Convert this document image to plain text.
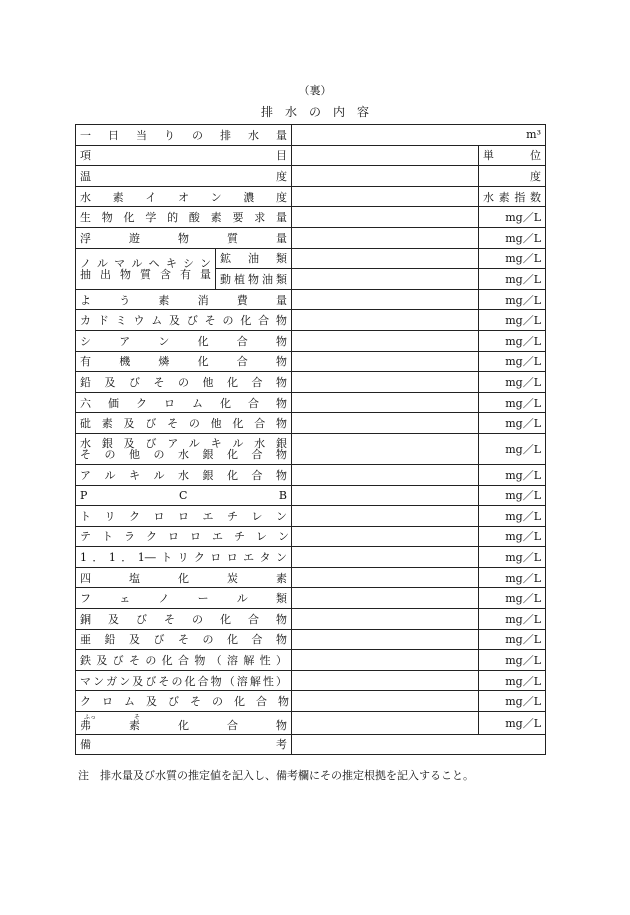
（裏）
排　水　の　内　容
一　日　当　り　の　排　水　量		m³	
項　　　　　　　　　　　目			単　位
温　　　　　　　　　　　度			度
水　素　イ　オ　ン　濃　度			水素指数
生物化学的酸素要求量			mg／L
浮　遊　物　質　量			mg／L

ノルマルヘキシン
抽出物質含有量	鉱　油　類		mg／L
	動植物油類		mg／L
よ　う　素　消　費　量			mg／L
カドミウム及びその化合物			mg／L
シ　ア　ン　化　合　物			mg／L
有　機　燐　化　合　物			mg／L
鉛及びその他化合物			mg／L
六　価　ク　ロ　ム　化　合　物			mg／L
砒素及びその他化合物			mg／L

水銀及びアルキル水銀
その他の水銀化合物			mg／L
ア　ル　キ　ル　水　銀　化　合　物			mg／L
P　　C　　B			mg／L
ト　リ　ク　ロ　ロ　エ　チ　レ　ン			mg／L
テ　ト　ラ　ク　ロ　ロ　エ　チ　レ　ン			mg／L
1．1．1―トリクロロエタン			mg／L
四　塩　化　炭　素			mg／L
フ　ェ　ノ　ー　ル　類			mg／L
銅及びその化合物			mg／L
亜鉛及びその化合物			mg／L
鉄及びその化合物（溶解性）			mg／L
マンガン及びその化合物（溶解性）			mg／L
ク　ロ　ム　及　び　そ　の　化　合　物			mg／L

ふっ そ
弗　素　化　合　物			mg／L
備　　　　　　　　　　　考			
注　排水量及び水質の推定値を記入し、備考欄にその推定根拠を記入すること。
